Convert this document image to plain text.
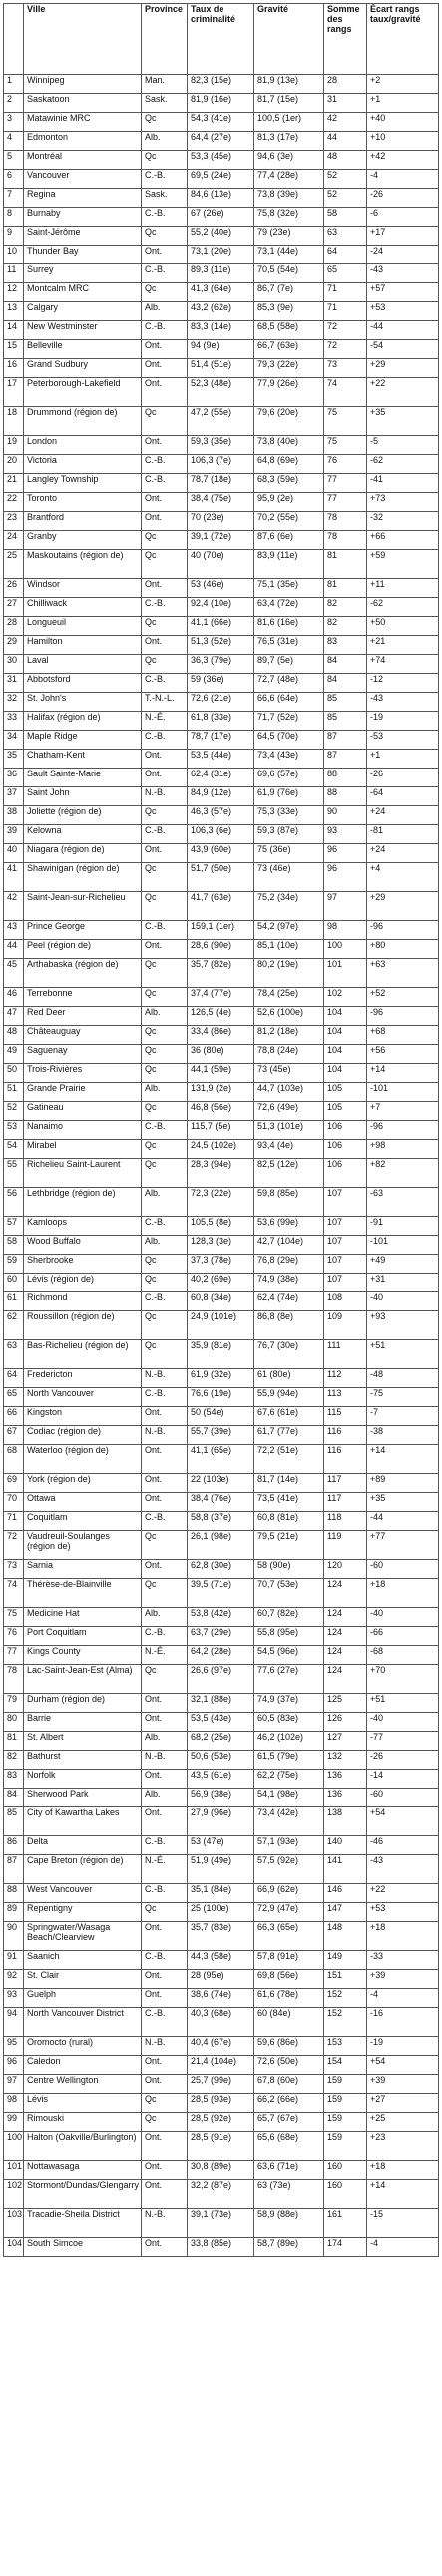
	Ville	Province	Taux de criminalité	Gravité	Somme des rangs	Écart rangs taux/gravité
1	Winnipeg	Man.	82,3 (15e)	81,9 (13e)	28	+2
2	Saskatoon	Sask.	81,9 (16e)	81,7 (15e)	31	+1
3	Matawinie MRC	Qc	54,3 (41e)	100,5 (1er)	42	+40
4	Edmonton	Alb.	64,4 (27e)	81,3 (17e)	44	+10
5	Montréal	Qc	53,3 (45e)	94,6 (3e)	48	+42
6	Vancouver	C.-B.	69,5 (24e)	77,4 (28e)	52	-4
7	Regina	Sask.	84,6 (13e)	73,8 (39e)	52	-26
8	Burnaby	C.-B.	67 (26e)	75,8 (32e)	58	-6
9	Saint-Jérôme	Qc	55,2 (40e)	79 (23e)	63	+17
10	Thunder Bay	Ont.	73,1 (20e)	73,1 (44e)	64	-24
11	Surrey	C.-B.	89,3 (11e)	70,5 (54e)	65	-43
12	Montcalm MRC	Qc	41,3 (64e)	86,7 (7e)	71	+57
13	Calgary	Alb.	43,2 (62e)	85,3 (9e)	71	+53
14	New Westminster	C.-B.	83,3 (14e)	68,5 (58e)	72	-44
15	Belleville	Ont.	94 (9e)	66,7 (63e)	72	-54
16	Grand Sudbury	Ont.	51,4 (51e)	79,3 (22e)	73	+29
17	Peterborough-Lakefield	Ont.	52,3 (48e)	77,9 (26e)	74	+22
18	Drummond (région de)	Qc	47,2 (55e)	79,6 (20e)	75	+35
19	London	Ont.	59,3 (35e)	73,8 (40e)	75	-5
20	Victoria	C.-B.	106,3 (7e)	64,8 (69e)	76	-62
21	Langley Township	C.-B.	78,7 (18e)	68,3 (59e)	77	-41
22	Toronto	Ont.	38,4 (75e)	95,9 (2e)	77	+73
23	Brantford	Ont.	70 (23e)	70,2 (55e)	78	-32
24	Granby	Qc	39,1 (72e)	87,6 (6e)	78	+66
25	Maskoutains (région de)	Qc	40 (70e)	83,9 (11e)	81	+59
26	Windsor	Ont.	53 (46e)	75,1 (35e)	81	+11
27	Chilliwack	C.-B.	92,4 (10e)	63,4 (72e)	82	-62
28	Longueuil	Qc	41,1 (66e)	81,6 (16e)	82	+50
29	Hamilton	Ont.	51,3 (52e)	76,5 (31e)	83	+21
30	Laval	Qc	36,3 (79e)	89,7 (5e)	84	+74
31	Abbotsford	C.-B.	59 (36e)	72,7 (48e)	84	-12
32	St. John's	T.-N.-L.	72,6 (21e)	66,6 (64e)	85	-43
33	Halifax (région de)	N.-É.	61,8 (33e)	71,7 (52e)	85	-19
34	Maple Ridge	C.-B.	78,7 (17e)	64,5 (70e)	87	-53
35	Chatham-Kent	Ont.	53,5 (44e)	73,4 (43e)	87	+1
36	Sault Sainte-Marie	Ont.	62,4 (31e)	69,6 (57e)	88	-26
37	Saint John	N.-B.	84,9 (12e)	61,9 (76e)	88	-64
38	Joliette (région de)	Qc	46,3 (57e)	75,3 (33e)	90	+24
39	Kelowna	C.-B.	106,3 (6e)	59,3 (87e)	93	-81
40	Niagara (région de)	Ont.	43,9 (60e)	75 (36e)	96	+24
41	Shawinigan (région de)	Qc	51,7 (50e)	73 (46e)	96	+4
42	Saint-Jean-sur-Richelieu	Qc	41,7 (63e)	75,2 (34e)	97	+29
43	Prince George	C.-B.	159,1 (1er)	54,2 (97e)	98	-96
44	Peel (région de)	Ont.	28,6 (90e)	85,1 (10e)	100	+80
45	Arthabaska (région de)	Qc	35,7 (82e)	80,2 (19e)	101	+63
46	Terrebonne	Qc	37,4 (77e)	78,4 (25e)	102	+52
47	Red Deer	Alb.	126,5 (4e)	52,6 (100e)	104	-96
48	Châteauguay	Qc	33,4 (86e)	81,2 (18e)	104	+68
49	Saguenay	Qc	36 (80e)	78,8 (24e)	104	+56
50	Trois-Rivières	Qc	44,1 (59e)	73 (45e)	104	+14
51	Grande Prairie	Alb.	131,9 (2e)	44,7 (103e)	105	-101
52	Gatineau	Qc	46,8 (56e)	72,6 (49e)	105	+7
53	Nanaimo	C.-B.	115,7 (5e)	51,3 (101e)	106	-96
54	Mirabel	Qc	24,5 (102e)	93,4 (4e)	106	+98
55	Richelieu Saint-Laurent	Qc	28,3 (94e)	82,5 (12e)	106	+82
56	Lethbridge (région de)	Alb.	72,3 (22e)	59,8 (85e)	107	-63
57	Kamloops	C.-B.	105,5 (8e)	53,6 (99e)	107	-91
58	Wood Buffalo	Alb.	128,3 (3e)	42,7 (104e)	107	-101
59	Sherbrooke	Qc	37,3 (78e)	76,8 (29e)	107	+49
60	Lévis (région de)	Qc	40,2 (69e)	74,9 (38e)	107	+31
61	Richmond	C.-B.	60,8 (34e)	62,4 (74e)	108	-40
62	Roussillon (région de)	Qc	24,9 (101e)	86,8 (8e)	109	+93
63	Bas-Richelieu (région de)	Qc	35,9 (81e)	76,7 (30e)	111	+51
64	Fredericton	N.-B.	61,9 (32e)	61 (80e)	112	-48
65	North Vancouver	C.-B.	76,6 (19e)	55,9 (94e)	113	-75
66	Kingston	Ont.	50 (54e)	67,6 (61e)	115	-7
67	Codiac (région de)	N.-B.	55,7 (39e)	61,7 (77e)	116	-38
68	Waterloo (région de)	Ont.	41,1 (65e)	72,2 (51e)	116	+14
69	York (région de)	Ont.	22 (103e)	81,7 (14e)	117	+89
70	Ottawa	Ont.	38,4 (76e)	73,5 (41e)	117	+35
71	Coquitlam	C.-B.	58,8 (37e)	60,8 (81e)	118	-44
72	Vaudreuil-Soulanges (région de)	Qc	26,1 (98e)	79,5 (21e)	119	+77
73	Sarnia	Ont.	62,8 (30e)	58 (90e)	120	-60
74	Thérèse-de-Blainville	Qc	39,5 (71e)	70,7 (53e)	124	+18
75	Medicine Hat	Alb.	53,8 (42e)	60,7 (82e)	124	-40
76	Port Coquitlam	C.-B.	63,7 (29e)	55,8 (95e)	124	-66
77	Kings County	N.-É.	64,2 (28e)	54,5 (96e)	124	-68
78	Lac-Saint-Jean-Est (Alma)	Qc	26,6 (97e)	77,6 (27e)	124	+70
79	Durham (région de)	Ont.	32,1 (88e)	74,9 (37e)	125	+51
80	Barrie	Ont.	53,5 (43e)	60,5 (83e)	126	-40
81	St. Albert	Alb.	68,2 (25e)	46,2 (102e)	127	-77
82	Bathurst	N.-B.	50,6 (53e)	61,5 (79e)	132	-26
83	Norfolk	Ont.	43,5 (61e)	62,2 (75e)	136	-14
84	Sherwood Park	Alb.	56,9 (38e)	54,1 (98e)	136	-60
85	City of Kawartha Lakes	Ont.	27,9 (96e)	73,4 (42e)	138	+54
86	Delta	C.-B.	53 (47e)	57,1 (93e)	140	-46
87	Cape Breton (région de)	N.-É.	51,9 (49e)	57,5 (92e)	141	-43
88	West Vancouver	C.-B.	35,1 (84e)	66,9 (62e)	146	+22
89	Repentigny	Qc	25 (100e)	72,9 (47e)	147	+53
90	Springwater/Wasaga Beach/Clearview	Ont.	35,7 (83e)	66,3 (65e)	148	+18
91	Saanich	C.-B.	44,3 (58e)	57,8 (91e)	149	-33
92	St. Clair	Ont.	28 (95e)	69,8 (56e)	151	+39
93	Guelph	Ont.	38,6 (74e)	61,6 (78e)	152	-4
94	North Vancouver District	C.-B.	40,3 (68e)	60 (84e)	152	-16
95	Oromocto (rural)	N.-B.	40,4 (67e)	59,6 (86e)	153	-19
96	Caledon	Ont.	21,4 (104e)	72,6 (50e)	154	+54
97	Centre Wellington	Ont.	25,7 (99e)	67,8 (60e)	159	+39
98	Lévis	Qc	28,5 (93e)	66,2 (66e)	159	+27
99	Rimouski	Qc	28,5 (92e)	65,7 (67e)	159	+25
100	Halton (Oakville/Burlington)	Ont.	28,5 (91e)	65,6 (68e)	159	+23
101	Nottawasaga	Ont.	30,8 (89e)	63,6 (71e)	160	+18
102	Stormont/Dundas/Glengarry	Ont.	32,2 (87e)	63 (73e)	160	+14
103	Tracadie-Sheila District	N.-B.	39,1 (73e)	58,9 (88e)	161	-15
104	South Simcoe	Ont.	33,8 (85e)	58,7 (89e)	174	-4
